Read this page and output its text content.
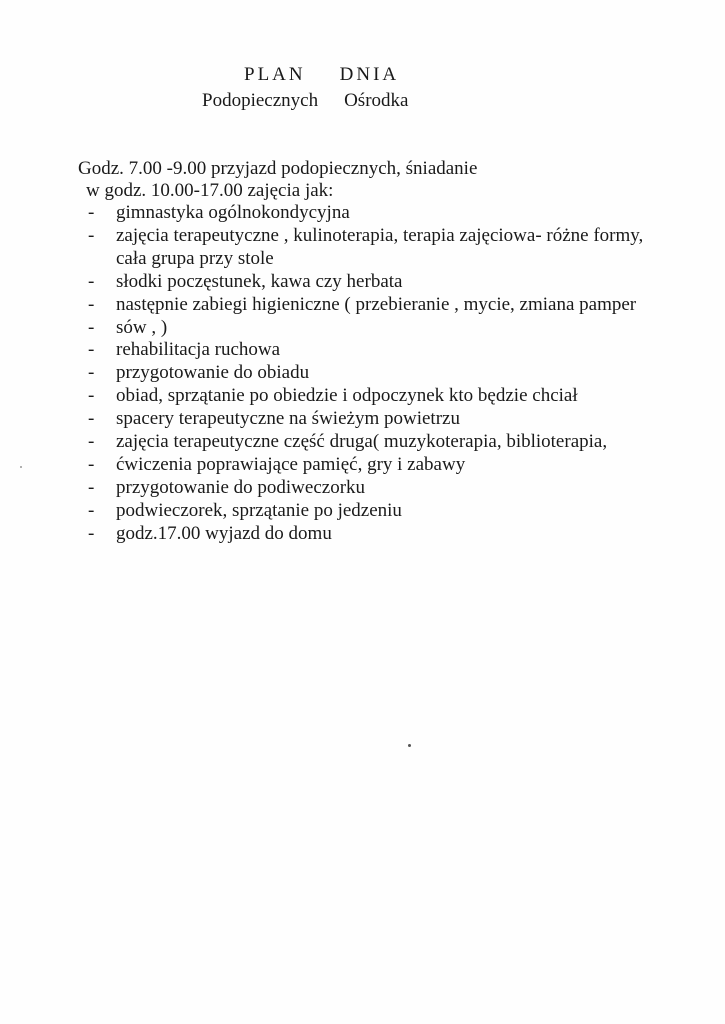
PLAN DNIA
Podopiecznych Ośrodka
Godz. 7.00 -9.00 przyjazd podopiecznych, śniadanie
w godz. 10.00-17.00 zajęcia jak:
- gimnastyka ogólnokondycyjna
- zajęcia terapeutyczne , kulinoterapia, terapia zajęciowa- różne formy,
cała grupa przy stole
- słodki poczęstunek, kawa czy herbata
- następnie zabiegi higieniczne ( przebieranie , mycie, zmiana pamper
- sów , )
- rehabilitacja ruchowa
- przygotowanie do obiadu
- obiad, sprzątanie po obiedzie i odpoczynek kto będzie chciał
- spacery terapeutyczne na świeżym powietrzu
- zajęcia terapeutyczne część druga( muzykoterapia, biblioterapia,
- ćwiczenia poprawiające pamięć, gry i zabawy
- przygotowanie do podiweczorku
- podwieczorek, sprzątanie po jedzeniu
- godz.17.00 wyjazd do domu
